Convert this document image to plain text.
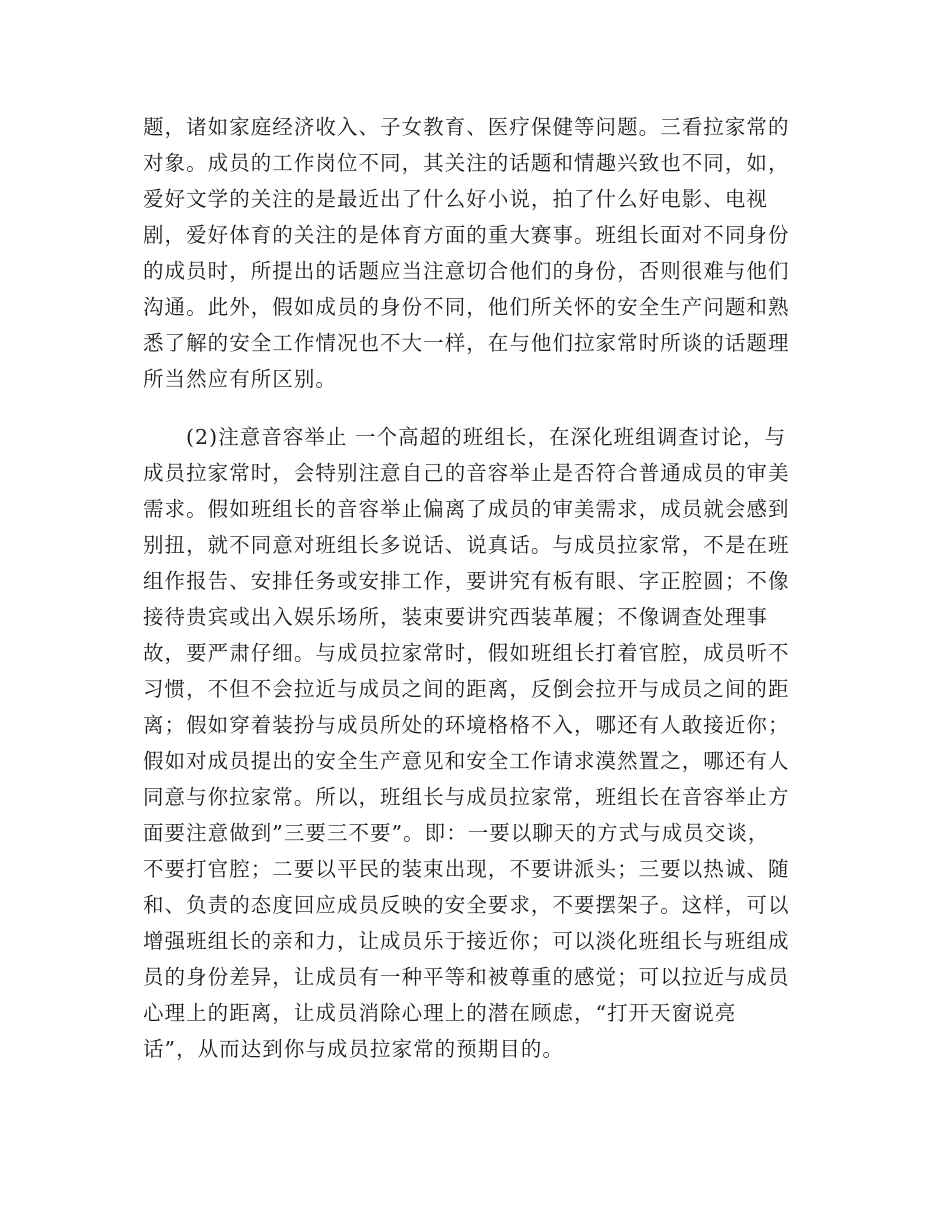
题，诸如家庭经济收入、子女教育、医疗保健等问题。三看拉家常的
对象。成员的工作岗位不同，其关注的话题和情趣兴致也不同，如，
爱好文学的关注的是最近出了什么好小说，拍了什么好电影、电视
剧，爱好体育的关注的是体育方面的重大赛事。班组长面对不同身份
的成员时，所提出的话题应当注意切合他们的身份，否则很难与他们
沟通。此外，假如成员的身份不同，他们所关怀的安全生产问题和熟
悉了解的安全工作情况也不大一样，在与他们拉家常时所谈的话题理
所当然应有所区别。
(2)注意音容举止 一个高超的班组长，在深化班组调查讨论，与
成员拉家常时，会特别注意自己的音容举止是否符合普通成员的审美
需求。假如班组长的音容举止偏离了成员的审美需求，成员就会感到
别扭，就不同意对班组长多说话、说真话。与成员拉家常，不是在班
组作报告、安排任务或安排工作，要讲究有板有眼、字正腔圆；不像
接待贵宾或出入娱乐场所，装束要讲究西装革履；不像调查处理事
故，要严肃仔细。与成员拉家常时，假如班组长打着官腔，成员听不
习惯，不但不会拉近与成员之间的距离，反倒会拉开与成员之间的距
离；假如穿着装扮与成员所处的环境格格不入，哪还有人敢接近你；
假如对成员提出的安全生产意见和安全工作请求漠然置之，哪还有人
同意与你拉家常。所以，班组长与成员拉家常，班组长在音容举止方
面要注意做到”三要三不要”。即：一要以聊天的方式与成员交谈，
不要打官腔；二要以平民的装束出现，不要讲派头；三要以热诚、随
和、负责的态度回应成员反映的安全要求，不要摆架子。这样，可以
增强班组长的亲和力，让成员乐于接近你；可以淡化班组长与班组成
员的身份差异，让成员有一种平等和被尊重的感觉；可以拉近与成员
心理上的距离，让成员消除心理上的潜在顾虑，“打开天窗说亮
话”，从而达到你与成员拉家常的预期目的。
